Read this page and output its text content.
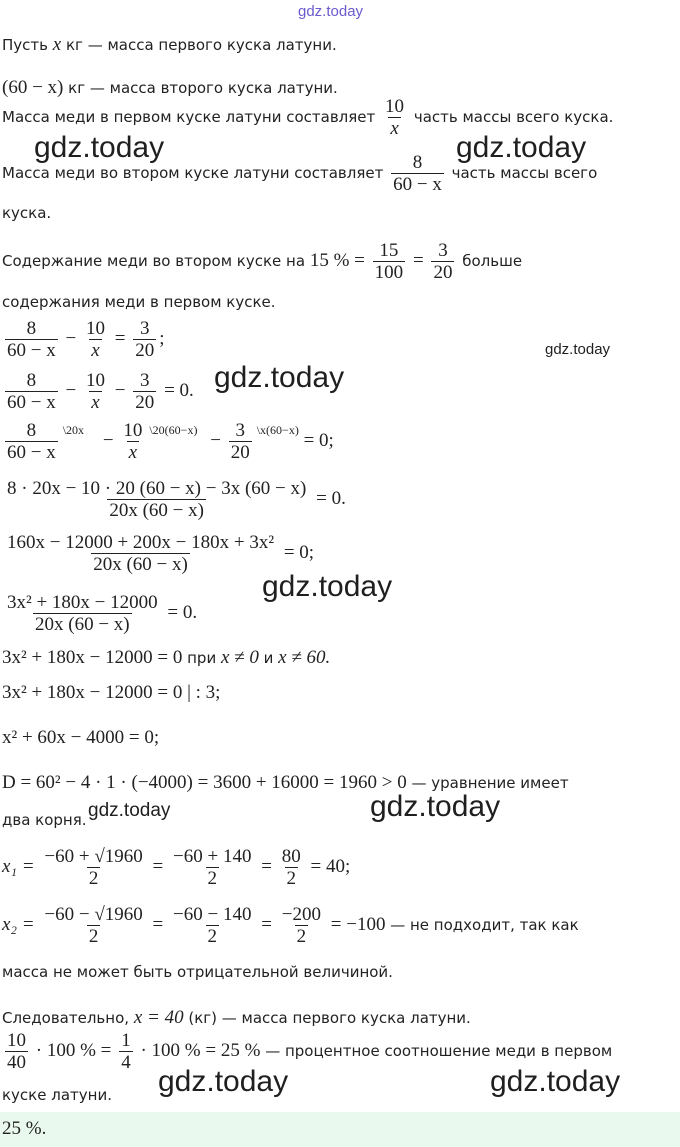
gdz.today
Пусть x кг — масса первого куска латуни.
(60 − x) кг — масса второго куска латуни.
Масса меди в первом куске латуни составляет $\frac{10}{x}$ часть массы всего куска.
gdz.today	gdz.today
Масса меди во втором куске латуни составляет $\frac{8}{60 - x}$ часть массы всего
куска.
Содержание меди во втором куске на 15 % = $\frac{15}{100} = \frac{3}{20}$ больше
содержания меди в первом куске.
$\frac{8}{60 - x} - \frac{10}{x} = \frac{3}{20}$ ;
gdz.today
$\frac{8}{60 - x} - \frac{10}{x} - \frac{3}{20} = 0$. gdz.today
$\frac{8}{60 - x} ^{\backslash 20x} - \frac{10}{x} ^{\backslash 20(60-x)} - \frac{3}{20} ^{\backslash x(60-x)} = 0$;
$\frac{8 \cdot 20x - 10 \cdot 20 (60 - x) - 3x (60 - x)}{20x (60 - x)} = 0$.
$\frac{\text{160x − 12000 + 200x − 180x + 3x²}}{20x (60 - x)} = 0$;
gdz.today
$\frac{\text{3x² + 180x − 12000}}{20x (60 - x)} = 0$.
3x² + 180x − 12000 = 0 при x ≠ 0 и x ≠ 60.
3x² + 180x − 12000 = 0 | : 3;
x² + 60x − 4000 = 0;
D = 60² − 4 · 1 · (−4000) = 3600 + 16000 = 1960 > 0 — уравнение имеет
gdz.today	gdz.today
два корня.
$x_1 = \frac{-60 + √1960}{2} = \frac{-60 + 140}{2} = \frac{80}{2} = 40$;
$x_2 = \frac{-60 - √1960}{2} = \frac{-60 - 140}{2} = \frac{-200}{2} = -100$ — не подходит, так как
масса не может быть отрицательной величиной.
Следовательно, x = 40 (кг) — масса первого куска латуни.
$\frac{10}{40} \cdot 100$ % = $\frac{1}{4} \cdot 100$ % = 25 % — процентное соотношение меди в первом
gdz.today	gdz.today
куске латуни.
25 %.
